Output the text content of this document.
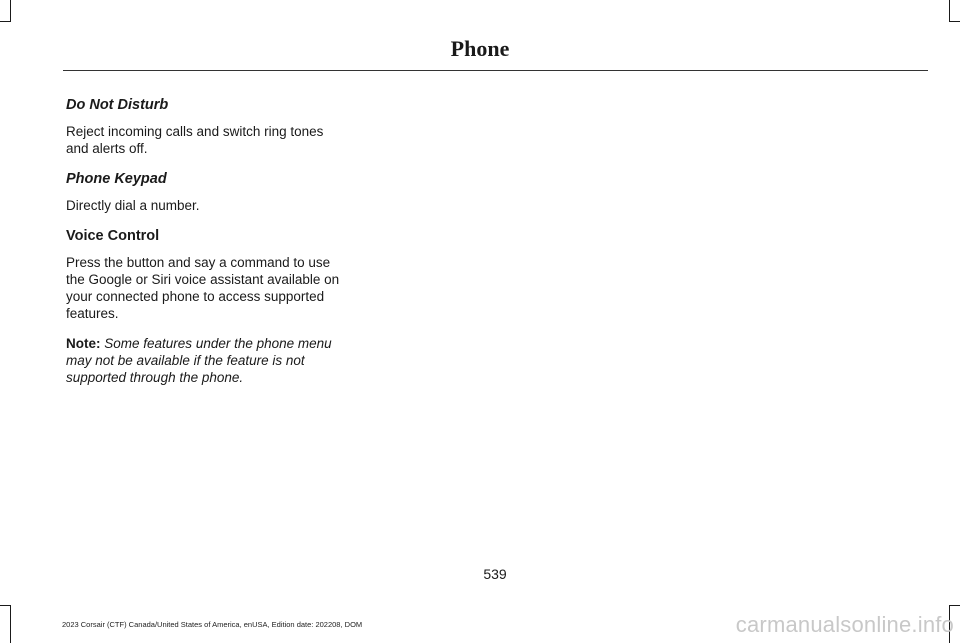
Phone
Do Not Disturb

Reject incoming calls and switch ring tones and alerts off.

Phone Keypad

Directly dial a number.

Voice Control

Press the button and say a command to use the Google or Siri voice assistant available on your connected phone to access supported features.

Note: Some features under the phone menu may not be available if the feature is not supported through the phone.

539
2023 Corsair (CTF) Canada/United States of America, enUSA, Edition date: 202208, DOM	carmanualsonline.info
